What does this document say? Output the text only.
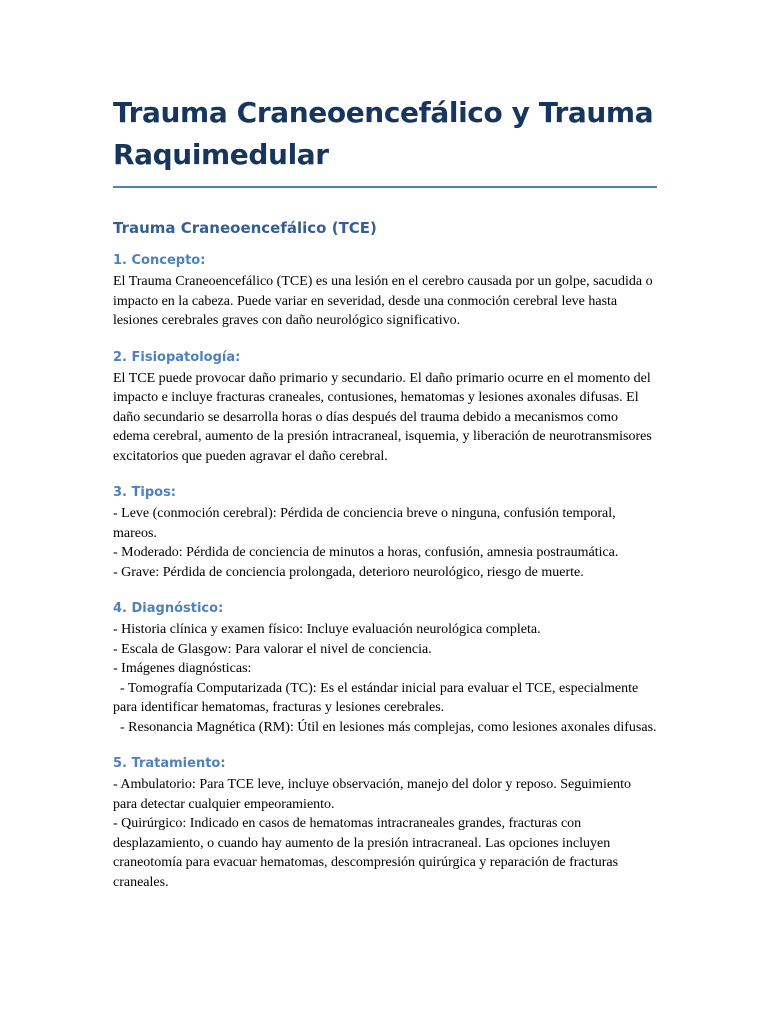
Trauma Craneoencefálico y Trauma Raquimedular
Trauma Craneoencefálico (TCE)
1. Concepto:

El Trauma Craneoencefálico (TCE) es una lesión en el cerebro causada por un golpe, sacudida o impacto en la cabeza. Puede variar en severidad, desde una conmoción cerebral leve hasta lesiones cerebrales graves con daño neurológico significativo.

2. Fisiopatología:

El TCE puede provocar daño primario y secundario. El daño primario ocurre en el momento del impacto e incluye fracturas craneales, contusiones, hematomas y lesiones axonales difusas. El daño secundario se desarrolla horas o días después del trauma debido a mecanismos como edema cerebral, aumento de la presión intracraneal, isquemia, y liberación de neurotransmisores excitatorios que pueden agravar el daño cerebral.

3. Tipos:

- Leve (conmoción cerebral): Pérdida de conciencia breve o ninguna, confusión temporal, mareos.

- Moderado: Pérdida de conciencia de minutos a horas, confusión, amnesia postraumática.

- Grave: Pérdida de conciencia prolongada, deterioro neurológico, riesgo de muerte.

4. Diagnóstico:

- Historia clínica y examen físico: Incluye evaluación neurológica completa.

- Escala de Glasgow: Para valorar el nivel de conciencia.

- Imágenes diagnósticas:

- Tomografía Computarizada (TC): Es el estándar inicial para evaluar el TCE, especialmente para identificar hematomas, fracturas y lesiones cerebrales.

- Resonancia Magnética (RM): Útil en lesiones más complejas, como lesiones axonales difusas.

5. Tratamiento:

- Ambulatorio: Para TCE leve, incluye observación, manejo del dolor y reposo. Seguimiento para detectar cualquier empeoramiento.

- Quirúrgico: Indicado en casos de hematomas intracraneales grandes, fracturas con desplazamiento, o cuando hay aumento de la presión intracraneal. Las opciones incluyen craneotomía para evacuar hematomas, descompresión quirúrgica y reparación de fracturas craneales.
